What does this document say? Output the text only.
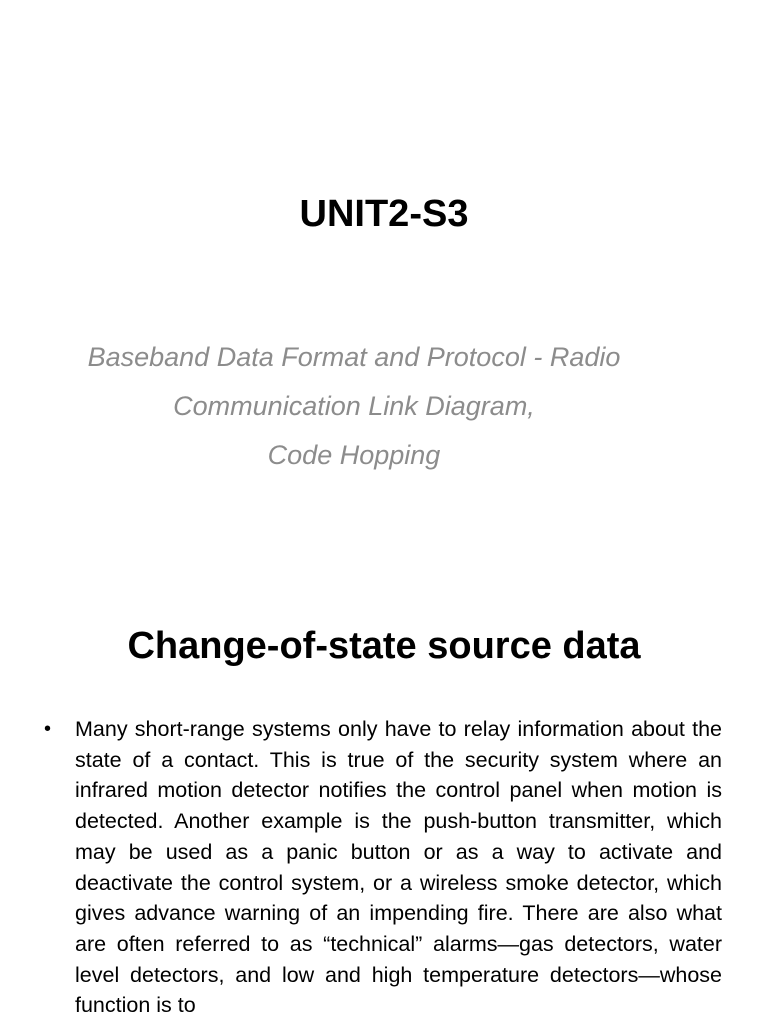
UNIT2-S3
Baseband Data Format and Protocol - Radio
Communication Link Diagram,
Code Hopping
Change-of-state source data
• Many short-range systems only have to relay information about the state of a contact. This is true of the security system where an infrared motion detector notifies the control panel when motion is detected. Another example is the push-button transmitter, which may be used as a panic button or as a way to activate and deactivate the control system, or a wireless smoke detector, which gives advance warning of an impending fire. There are also what are often referred to as “technical” alarms—gas detectors, water level detectors, and low and high temperature detectors—whose function is to
